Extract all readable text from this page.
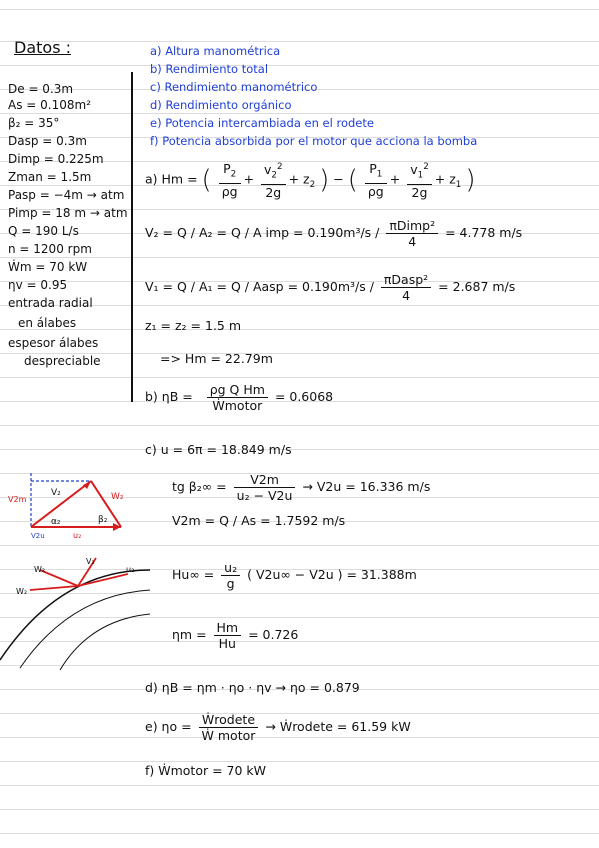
Datos :
De = 0.3m
As = 0.108m²
β₂ = 35°
Dasp = 0.3m
Dimp = 0.225m
Zman = 1.5m
Pasp = −4m → atm
Pimp = 18 m → atm
Q = 190 L/s
n = 1200 rpm
Ẇm = 70 kW
ηv = 0.95
entrada radial
en álabes
espesor álabes
despreciable
a) Altura manométrica
b) Rendimiento total
c) Rendimiento manométrico
d) Rendimiento orgánico
e) Potencia intercambiada en el rodete
f) Potencia absorbida por el motor que acciona la bomba
a) Hm = ( $\frac{P_2}{\rho g} + \frac{v_2^2}{2g} + z_2$ ) − ( $\frac{P_1}{\rho g} + \frac{v_1^2}{2g} + z_1$ )
V₂ = Q / A₂ = Q / A imp = $0.190m^3/s / \frac{\text{πDimp²}}{4} = 4.778$ m/s
V₁ = Q / A₁ = Q / Aasp = $0.190m^3/s / \frac{\text{πDasp²}}{4} = 2.687$ m/s
z₁ = z₂ = 1.5 m
=> Hm = 22.79m
b) $\eta B = \frac{\text{ρg Q Hm}}{\text{Ẇmotor}} = 0.6068$
c) u = 6π = 18.849 m/s
tg $\beta_2\infty = \frac{V2m}{\text{u₂ − V2u}} \to V2u = 16.336$ m/s
V2m = Q / As = 1.7592 m/s
$Hu\infty = \frac{\text{u₂}}{g}$ ( V2u∞ − V2u ) = 31.388m
$\eta m = \frac{Hm}{Hu} = 0.726$
d) ηB = ηm · ηo · ηv → ηo = 0.879
e) $\eta o = \frac{\text{Ẇrodete}}{\text{Ẇ motor}}$ → Ẇrodete = 61.59 kW
f) Ẇmotor = 70 kW
V2m
V₂	W₂
α₂	β₂
V2u	u₂
V₂
u₂
W₂
W₂
